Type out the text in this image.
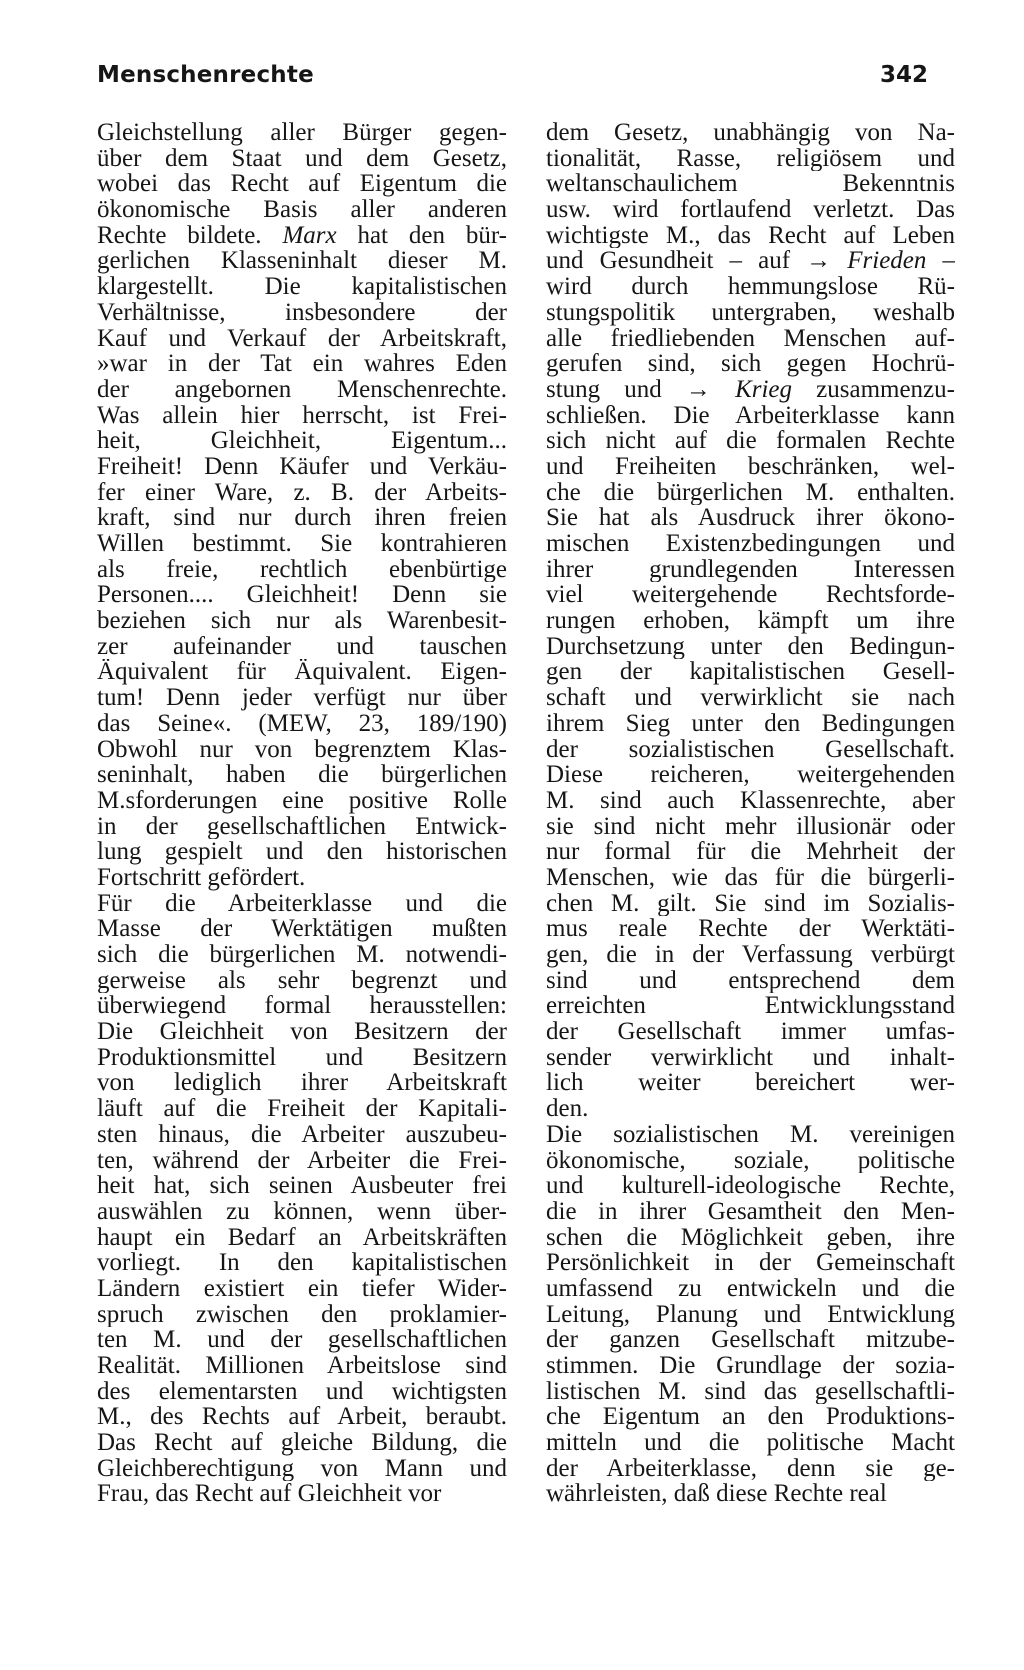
Menschenrechte	342
Gleichstellung aller Bürger gegen-
über dem Staat und dem Gesetz,
wobei das Recht auf Eigentum die
ökonomische Basis aller anderen
Rechte bildete. Marx hat den bür-
gerlichen Klasseninhalt dieser M.
klargestellt. Die kapitalistischen
Verhältnisse, insbesondere der
Kauf und Verkauf der Arbeitskraft,
»war in der Tat ein wahres Eden
der angebornen Menschenrechte.
Was allein hier herrscht, ist Frei-
heit, Gleichheit, Eigentum...
Freiheit! Denn Käufer und Verkäu-
fer einer Ware, z. B. der Arbeits-
kraft, sind nur durch ihren freien
Willen bestimmt. Sie kontrahieren
als freie, rechtlich ebenbürtige
Personen.... Gleichheit! Denn sie
beziehen sich nur als Warenbesit-
zer aufeinander und tauschen
Äquivalent für Äquivalent. Eigen-
tum! Denn jeder verfügt nur über
das Seine«. (MEW, 23, 189/190)
Obwohl nur von begrenztem Klas-
seninhalt, haben die bürgerlichen
M.sforderungen eine positive Rolle
in der gesellschaftlichen Entwick-
lung gespielt und den historischen
Fortschritt gefördert.
Für die Arbeiterklasse und die
Masse der Werktätigen mußten
sich die bürgerlichen M. notwendi-
gerweise als sehr begrenzt und
überwiegend formal herausstellen:
Die Gleichheit von Besitzern der
Produktionsmittel und Besitzern
von lediglich ihrer Arbeitskraft
läuft auf die Freiheit der Kapitali-
sten hinaus, die Arbeiter auszubeu-
ten, während der Arbeiter die Frei-
heit hat, sich seinen Ausbeuter frei
auswählen zu können, wenn über-
haupt ein Bedarf an Arbeitskräften
vorliegt. In den kapitalistischen
Ländern existiert ein tiefer Wider-
spruch zwischen den proklamier-
ten M. und der gesellschaftlichen
Realität. Millionen Arbeitslose sind
des elementarsten und wichtigsten
M., des Rechts auf Arbeit, beraubt.
Das Recht auf gleiche Bildung, die
Gleichberechtigung von Mann und
Frau, das Recht auf Gleichheit vor
dem Gesetz, unabhängig von Na-
tionalität, Rasse, religiösem und
weltanschaulichem Bekenntnis
usw. wird fortlaufend verletzt. Das
wichtigste M., das Recht auf Leben
und Gesundheit – auf → Frieden –
wird durch hemmungslose Rü-
stungspolitik untergraben, weshalb
alle friedliebenden Menschen auf-
gerufen sind, sich gegen Hochrü-
stung und → Krieg zusammenzu-
schließen. Die Arbeiterklasse kann
sich nicht auf die formalen Rechte
und Freiheiten beschränken, wel-
che die bürgerlichen M. enthalten.
Sie hat als Ausdruck ihrer ökono-
mischen Existenzbedingungen und
ihrer grundlegenden Interessen
viel weitergehende Rechtsforde-
rungen erhoben, kämpft um ihre
Durchsetzung unter den Bedingun-
gen der kapitalistischen Gesell-
schaft und verwirklicht sie nach
ihrem Sieg unter den Bedingungen
der sozialistischen Gesellschaft.
Diese reicheren, weitergehenden
M. sind auch Klassenrechte, aber
sie sind nicht mehr illusionär oder
nur formal für die Mehrheit der
Menschen, wie das für die bürgerli-
chen M. gilt. Sie sind im Sozialis-
mus reale Rechte der Werktäti-
gen, die in der Verfassung verbürgt
sind und entsprechend dem
erreichten Entwicklungsstand
der Gesellschaft immer umfas-
sender verwirklicht und inhalt-
lich weiter bereichert wer-
den.
Die sozialistischen M. vereinigen
ökonomische, soziale, politische
und kulturell-ideologische Rechte,
die in ihrer Gesamtheit den Men-
schen die Möglichkeit geben, ihre
Persönlichkeit in der Gemeinschaft
umfassend zu entwickeln und die
Leitung, Planung und Entwicklung
der ganzen Gesellschaft mitzube-
stimmen. Die Grundlage der sozia-
listischen M. sind das gesellschaftli-
che Eigentum an den Produktions-
mitteln und die politische Macht
der Arbeiterklasse, denn sie ge-
währleisten, daß diese Rechte real
